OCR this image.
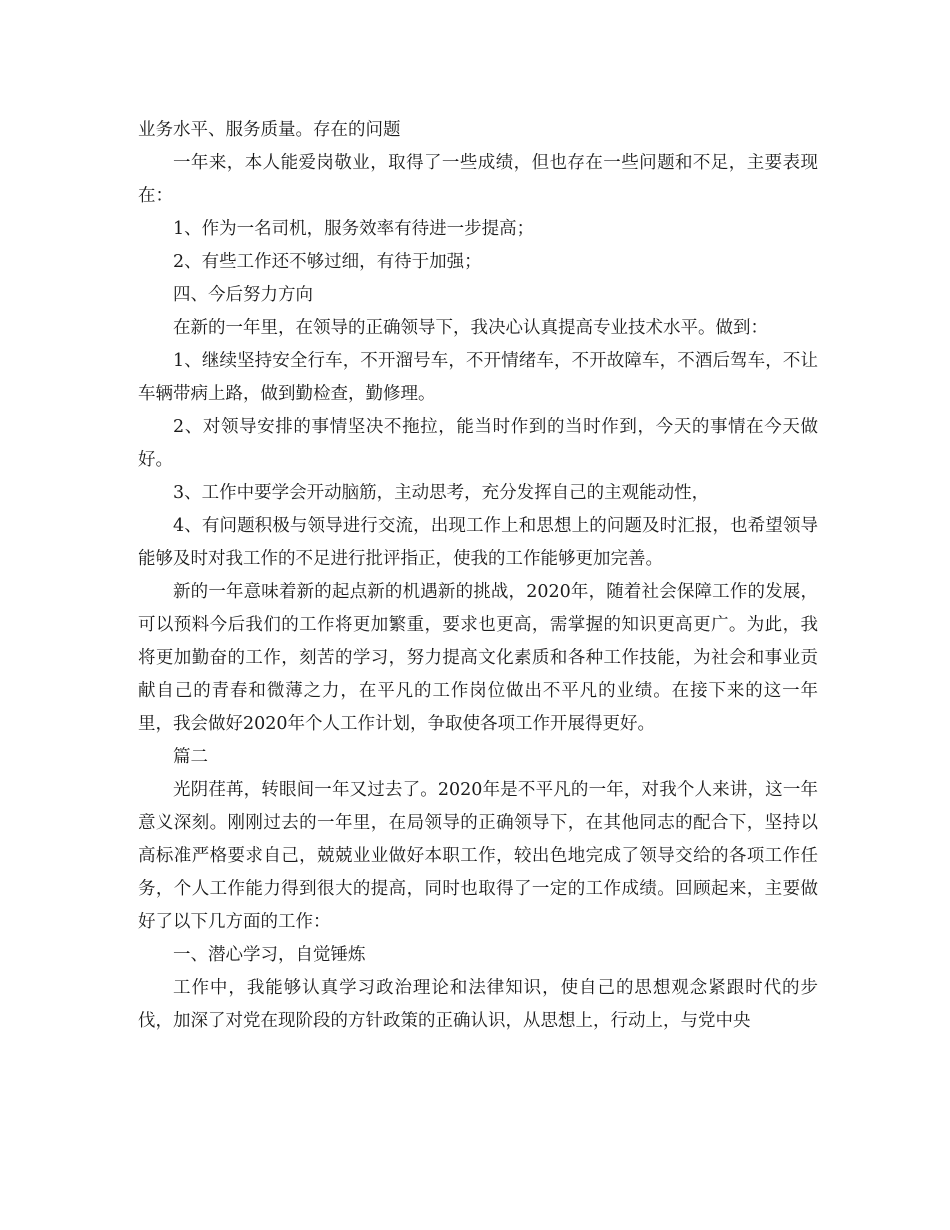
业务水平、服务质量。存在的问题

一年来，本人能爱岗敬业，取得了一些成绩，但也存在一些问题和不足，主要表现在：

1、作为一名司机，服务效率有待进一步提高；

2、有些工作还不够过细，有待于加强；

四、今后努力方向

在新的一年里，在领导的正确领导下，我决心认真提高专业技术水平。做到：

1、继续坚持安全行车，不开溜号车，不开情绪车，不开故障车，不酒后驾车，不让车辆带病上路，做到勤检查，勤修理。

2、对领导安排的事情坚决不拖拉，能当时作到的当时作到，今天的事情在今天做好。

3、工作中要学会开动脑筋，主动思考，充分发挥自己的主观能动性，

4、有问题积极与领导进行交流，出现工作上和思想上的问题及时汇报，也希望领导能够及时对我工作的不足进行批评指正，使我的工作能够更加完善。

新的一年意味着新的起点新的机遇新的挑战，2020年，随着社会保障工作的发展，可以预料今后我们的工作将更加繁重，要求也更高，需掌握的知识更高更广。为此，我将更加勤奋的工作，刻苦的学习，努力提高文化素质和各种工作技能，为社会和事业贡献自己的青春和微薄之力，在平凡的工作岗位做出不平凡的业绩。在接下来的这一年里，我会做好2020年个人工作计划，争取使各项工作开展得更好。

篇二

光阴荏苒，转眼间一年又过去了。2020年是不平凡的一年，对我个人来讲，这一年意义深刻。刚刚过去的一年里，在局领导的正确领导下，在其他同志的配合下，坚持以高标准严格要求自己，兢兢业业做好本职工作，较出色地完成了领导交给的各项工作任务，个人工作能力得到很大的提高，同时也取得了一定的工作成绩。回顾起来，主要做好了以下几方面的工作：

一、潜心学习，自觉锤炼

工作中，我能够认真学习政治理论和法律知识，使自己的思想观念紧跟时代的步伐，加深了对党在现阶段的方针政策的正确认识，从思想上，行动上，与党中央
